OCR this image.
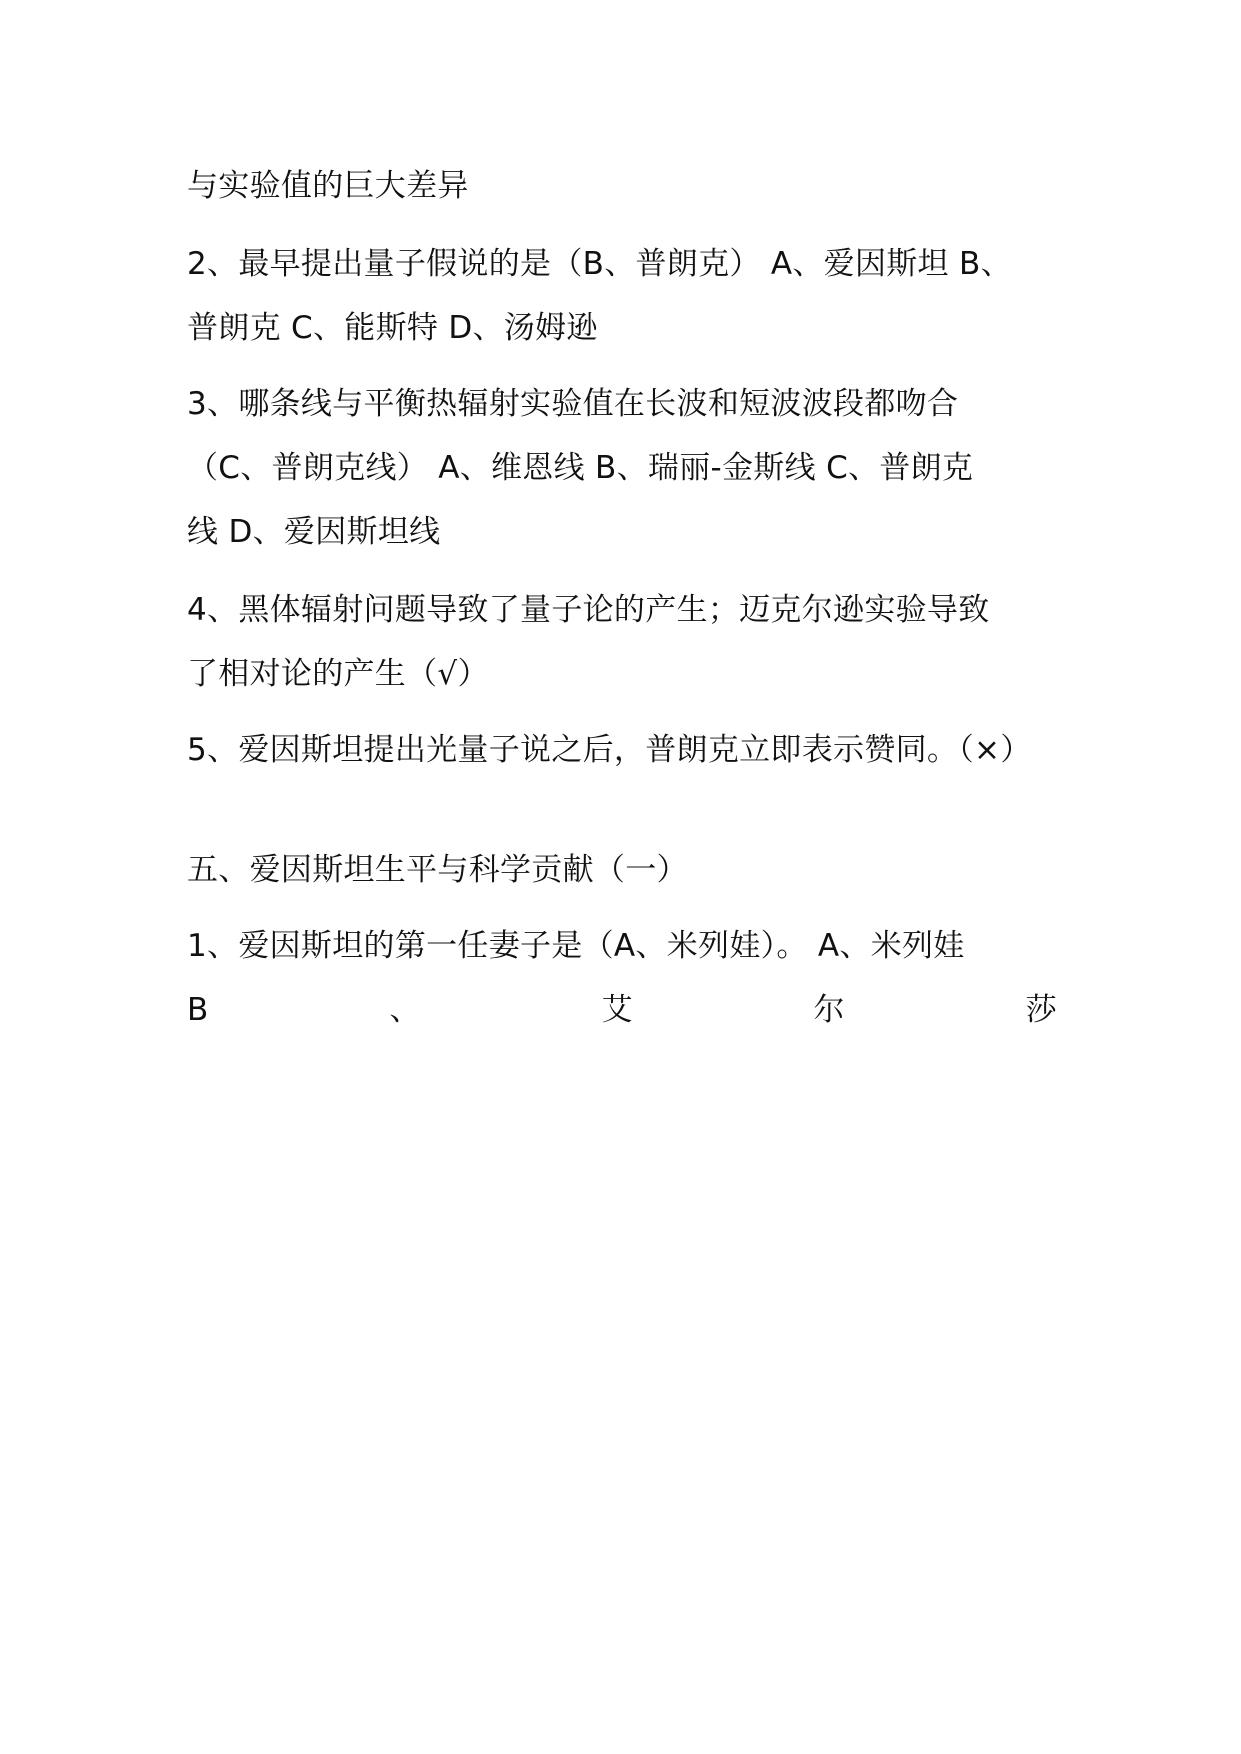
与实验值的巨大差异
2、最早提出量子假说的是（B、普朗克） A、爱因斯坦 B、
普朗克 C、能斯特 D、汤姆逊
3、哪条线与平衡热辐射实验值在长波和短波波段都吻合
（C、普朗克线） A、维恩线 B、瑞丽-金斯线 C、普朗克
线 D、爱因斯坦线
4、黑体辐射问题导致了量子论的产生；迈克尔逊实验导致
了相对论的产生（√）
5、爱因斯坦提出光量子说之后，普朗克立即表示赞同。（×）
五、爱因斯坦生平与科学贡献（一）
1、爱因斯坦的第一任妻子是（A、米列娃）。 A、米列娃
B	、	艾	尔	莎
